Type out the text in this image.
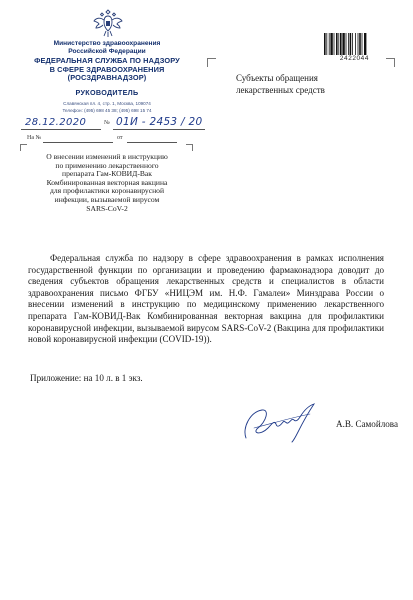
Министерство здравоохранения
Российской Федерации
ФЕДЕРАЛЬНАЯ СЛУЖБА ПО НАДЗОРУ
В СФЕРЕ ЗДРАВООХРАНЕНИЯ
(РОСЗДРАВНАДЗОР)
РУКОВОДИТЕЛЬ
Славянская пл. 4, стр. 1, Москва, 109074
Телефон: (495) 698 45 38; (495) 698 15 74
28.12.2020	№ 01И - 2453 / 20
На №	от
2422044
Субъекты обращения
лекарственных средств
О внесении изменений в инструкцию
по применению лекарственного
препарата Гам-КОВИД-Вак
Комбинированная векторная вакцина
для профилактики коронавирусной
инфекции, вызываемой вирусом
SARS-CoV-2

Федеральная служба по надзору в сфере здравоохранения в рамках исполнения государственной функции по организации и проведению фармаконадзора доводит до сведения субъектов обращения лекарственных средств и специалистов в области здравоохранения письмо ФГБУ «НИЦЭМ им. Н.Ф. Гамалеи» Минздрава России о внесении изменений в инструкцию по медицинскому применению лекарственного препарата Гам-КОВИД-Вак Комбинированная векторная вакцина для профилактики коронавирусной инфекции, вызываемой вирусом SARS-CoV-2 (Вакцина для профилактики новой коронавирусной инфекции (COVID-19)).

Приложение: на 10 л. в 1 экз.
А.В. Самойлова
